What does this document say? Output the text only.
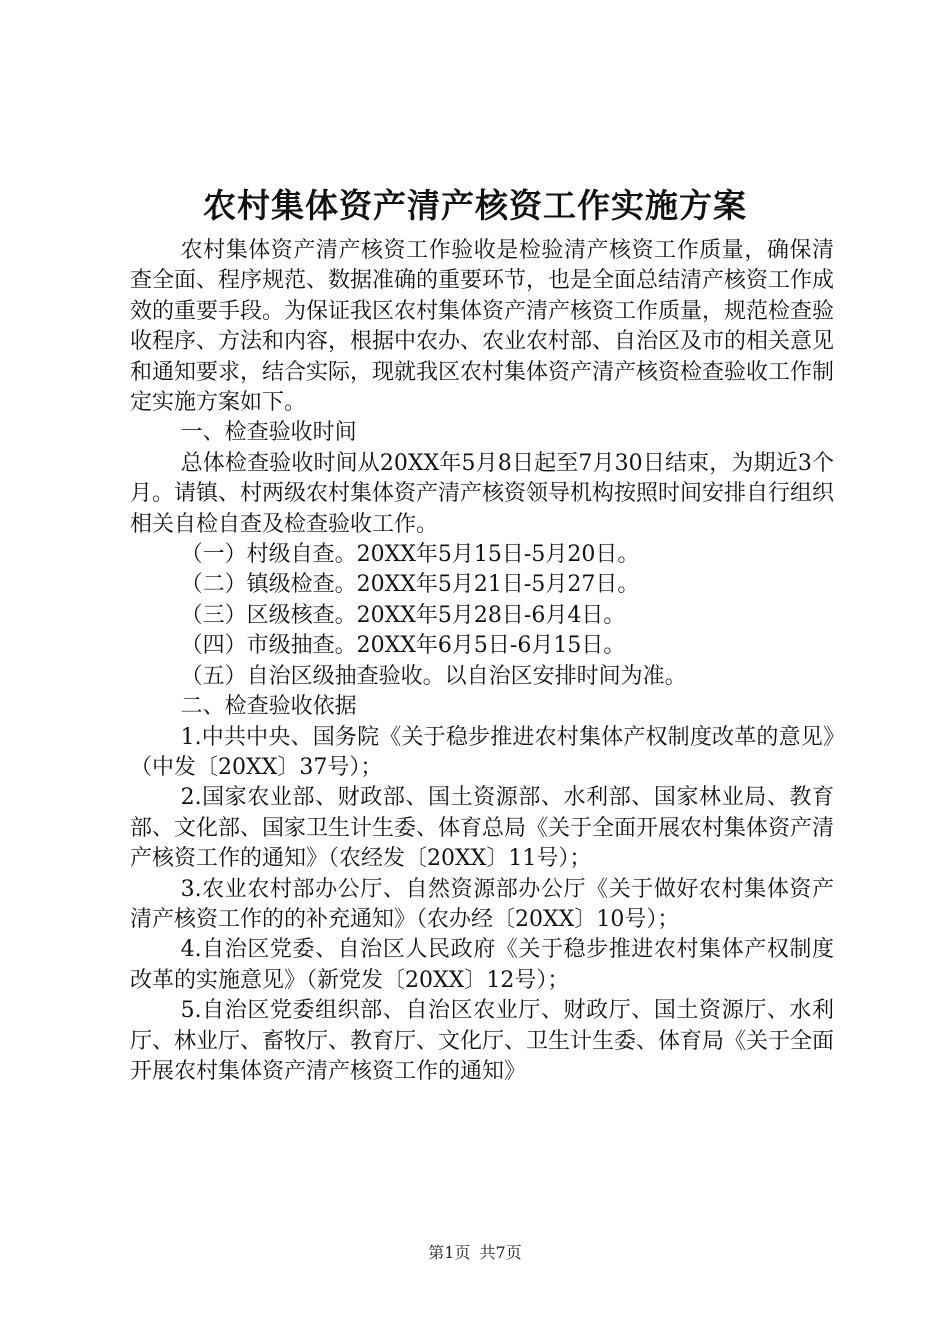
农村集体资产清产核资工作实施方案

农村集体资产清产核资工作验收是检验清产核资工作质量，确保清查全面、程序规范、数据准确的重要环节，也是全面总结清产核资工作成效的重要手段。为保证我区农村集体资产清产核资工作质量，规范检查验收程序、方法和内容，根据中农办、农业农村部、自治区及市的相关意见和通知要求，结合实际，现就我区农村集体资产清产核资检查验收工作制定实施方案如下。

一、检查验收时间

总体检查验收时间从20XX年5月8日起至7月30日结束，为期近3个月。请镇、村两级农村集体资产清产核资领导机构按照时间安排自行组织相关自检自查及检查验收工作。

（一）村级自查。20XX年5月15日-5月20日。

（二）镇级检查。20XX年5月21日-5月27日。

（三）区级核查。20XX年5月28日-6月4日。

（四）市级抽查。20XX年6月5日-6月15日。

（五）自治区级抽查验收。以自治区安排时间为准。

二、检查验收依据

1.中共中央、国务院《关于稳步推进农村集体产权制度改革的意见》（中发〔20XX〕37号）；

2.国家农业部、财政部、国土资源部、水利部、国家林业局、教育部、文化部、国家卫生计生委、体育总局《关于全面开展农村集体资产清产核资工作的通知》（农经发〔20XX〕11号）；

3.农业农村部办公厅、自然资源部办公厅《关于做好农村集体资产清产核资工作的的补充通知》（农办经〔20XX〕10号）；

4.自治区党委、自治区人民政府《关于稳步推进农村集体产权制度改革的实施意见》（新党发〔20XX〕12号）；

5.自治区党委组织部、自治区农业厅、财政厅、国土资源厅、水利厅、林业厅、畜牧厅、教育厅、文化厅、卫生计生委、体育局《关于全面开展农村集体资产清产核资工作的通知》

第1页 共7页
